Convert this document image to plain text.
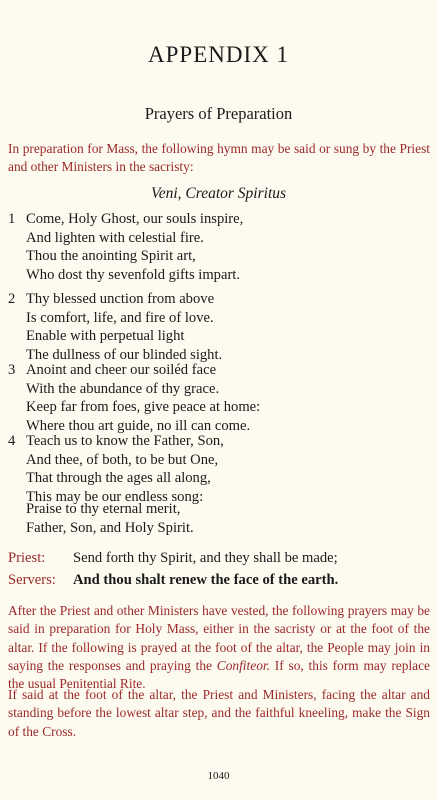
APPENDIX 1
Prayers of Preparation
In preparation for Mass, the following hymn may be said or sung by the Priest and other Ministers in the sacristy:
Veni, Creator Spiritus
1 Come, Holy Ghost, our souls inspire,
And lighten with celestial fire.
Thou the anointing Spirit art,
Who dost thy sevenfold gifts impart.
2 Thy blessed unction from above
Is comfort, life, and fire of love.
Enable with perpetual light
The dullness of our blinded sight.
3 Anoint and cheer our soiléd face
With the abundance of thy grace.
Keep far from foes, give peace at home:
Where thou art guide, no ill can come.
4 Teach us to know the Father, Son,
And thee, of both, to be but One,
That through the ages all along,
This may be our endless song:
Praise to thy eternal merit,
Father, Son, and Holy Spirit.
Priest: Send forth thy Spirit, and they shall be made;
Servers: And thou shalt renew the face of the earth.
After the Priest and other Ministers have vested, the following prayers may be said in preparation for Holy Mass, either in the sacristy or at the foot of the altar. If the following is prayed at the foot of the altar, the People may join in saying the responses and praying the Confiteor. If so, this form may replace the usual Penitential Rite.
If said at the foot of the altar, the Priest and Ministers, facing the altar and standing before the lowest altar step, and the faithful kneeling, make the Sign of the Cross.
1040
